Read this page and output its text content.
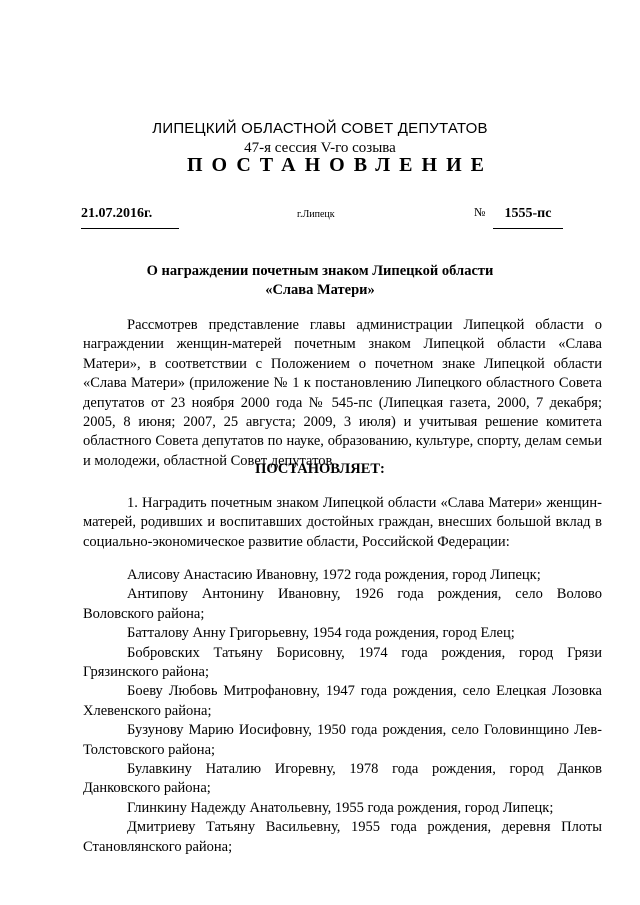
ЛИПЕЦКИЙ ОБЛАСТНОЙ СОВЕТ ДЕПУТАТОВ
47-я сессия V-го созыва
ПОСТАНОВЛЕНИЕ
21.07.2016г.	г.Липецк	№	1555-пс
О награждении почетным знаком Липецкой области
«Слава Матери»
Рассмотрев представление главы администрации Липецкой области о награждении женщин-матерей почетным знаком Липецкой области «Слава Матери», в соответствии с Положением о почетном знаке Липецкой области «Слава Матери» (приложение № 1 к постановлению Липецкого областного Совета депутатов от 23 ноября 2000 года № 545-пс (Липецкая газета, 2000, 7 декабря; 2005, 8 июня; 2007, 25 августа; 2009, 3 июля) и учитывая решение комитета областного Совета депутатов по науке, образованию, культуре, спорту, делам семьи и молодежи, областной Совет депутатов
ПОСТАНОВЛЯЕТ:
1. Наградить почетным знаком Липецкой области «Слава Матери» женщин-матерей, родивших и воспитавших достойных граждан, внесших большой вклад в социально-экономическое развитие области, Российской Федерации:

Алисову Анастасию Ивановну, 1972 года рождения, город Липецк;

Антипову Антонину Ивановну, 1926 года рождения, село Волово Воловского района;

Батталову Анну Григорьевну, 1954 года рождения, город Елец;

Бобровских Татьяну Борисовну, 1974 года рождения, город Грязи Грязинского района;

Боеву Любовь Митрофановну, 1947 года рождения, село Елецкая Лозовка Хлевенского района;

Бузунову Марию Иосифовну, 1950 года рождения, село Головинщино Лев-Толстовского района;

Булавкину Наталию Игоревну, 1978 года рождения, город Данков Данковского района;

Глинкину Надежду Анатольевну, 1955 года рождения, город Липецк;

Дмитриеву Татьяну Васильевну, 1955 года рождения, деревня Плоты Становлянского района;
